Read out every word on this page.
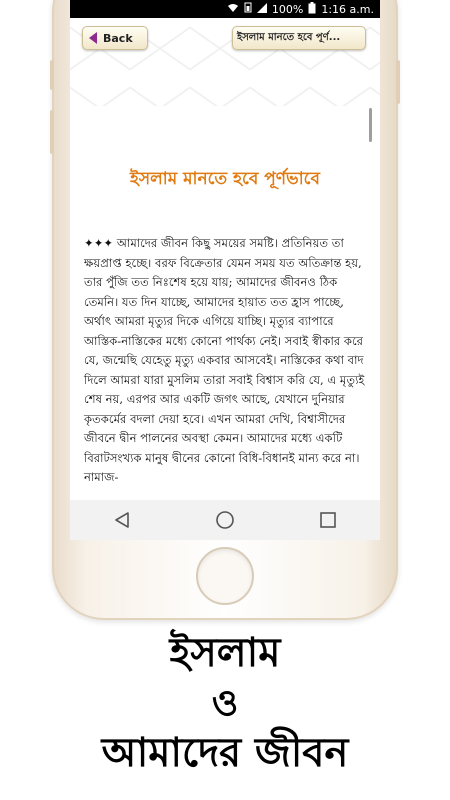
100% 1:16 a.m.
Back	ইসলাম মানতে হবে পূর্ণ...
ইসলাম মানতে হবে পূর্ণভাবে
✦✦✦ আমাদের জীবন কিছু সময়ের সমষ্টি। প্রতিনিয়ত তা ক্ষয়প্রাপ্ত হচ্ছে। বরফ বিক্রেতার যেমন সময় যত অতিক্রান্ত হয়, তার পুঁজি তত নিঃশেষ হয়ে যায়; আমাদের জীবনও ঠিক তেমনি। যত দিন যাচ্ছে, আমাদের হায়াত তত হ্রাস পাচ্ছে, অর্থাৎ আমরা মৃত্যুর দিকে এগিয়ে যাচ্ছি। মৃত্যুর ব্যাপারে আস্তিক-নাস্তিকের মধ্যে কোনো পার্থক্য নেই। সবাই স্বীকার করে যে, জন্মেছি যেহেতু মৃত্যু একবার আসবেই। নাস্তিকের কথা বাদ দিলে আমরা যারা মুসলিম তারা সবাই বিশ্বাস করি যে, এ মৃত্যুই শেষ নয়, এরপর আর একটি জগৎ আছে, যেখানে দুনিয়ার কৃতকর্মের বদলা দেয়া হবে। এখন আমরা দেখি, বিশ্বাসীদের জীবনে দ্বীন পালনের অবস্থা কেমন। আমাদের মধ্যে একটি বিরাটসংখ্যক মানুষ দ্বীনের কোনো বিধি-বিধানই মান্য করে না। নামাজ-
ইসলাম
ও
আমাদের জীবন
